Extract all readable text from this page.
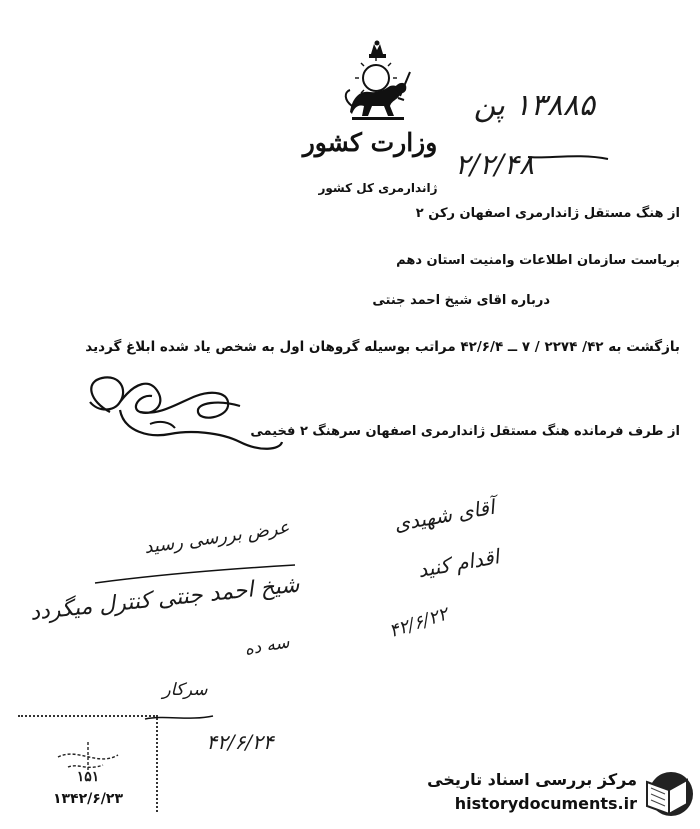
وزارت کشور
ژاندارمری کل کشور
۱۳۸۸۵ پن
۲/۲/۴۸
از هنگ مستقل ژاندارمری اصفهان رکن ۲
بریاست سازمان اطلاعات وامنیت استان دهم
درباره اقای شیخ احمد جنتی
بازگشت به ۴۲/ ۲۲۷۴ / ۷ ــ ۴۲/۶/۴ مراتب بوسیله گروهان اول به شخص یاد شده ابلاغ گردید
از طرف فرمانده هنگ مستقل ژاندارمری اصفهان سرهنگ ۲ فخیمی
عرض بررسی رسید
شیخ احمد جنتی کنترل میگردد
سه ده
آقای شهیدی
اقدام کنید
۴۲/۶/۲۲
سرکار
۴۲/۶/۲۴
۱۵۱
۱۳۴۲/۶/۲۳
مرکز بررسی اسناد تاریخی
historydocuments.ir
